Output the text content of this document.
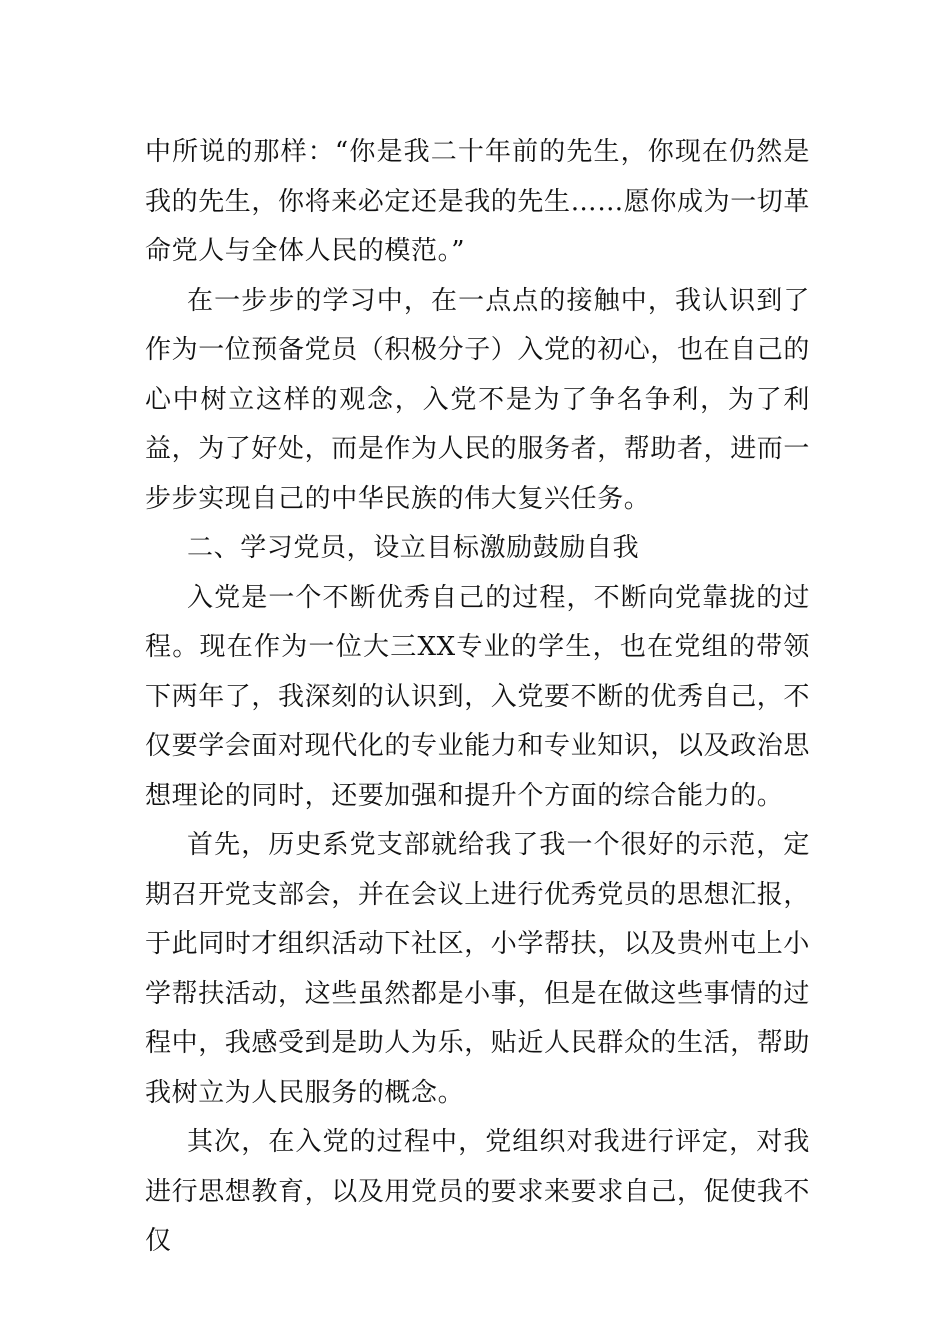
中所说的那样：“你是我二十年前的先生，你现在仍然是我的先生，你将来必定还是我的先生……愿你成为一切革命党人与全体人民的模范。”

在一步步的学习中，在一点点的接触中，我认识到了作为一位预备党员（积极分子）入党的初心，也在自己的心中树立这样的观念，入党不是为了争名争利，为了利益，为了好处，而是作为人民的服务者，帮助者，进而一步步实现自己的中华民族的伟大复兴任务。

二、学习党员，设立目标激励鼓励自我

入党是一个不断优秀自己的过程，不断向党靠拢的过程。现在作为一位大三XX专业的学生，也在党组的带领下两年了，我深刻的认识到，入党要不断的优秀自己，不仅要学会面对现代化的专业能力和专业知识，以及政治思想理论的同时，还要加强和提升个方面的综合能力的。

首先，历史系党支部就给我了我一个很好的示范，定期召开党支部会，并在会议上进行优秀党员的思想汇报，于此同时才组织活动下社区，小学帮扶，以及贵州屯上小学帮扶活动，这些虽然都是小事，但是在做这些事情的过程中，我感受到是助人为乐，贴近人民群众的生活，帮助我树立为人民服务的概念。

其次，在入党的过程中，党组织对我进行评定，对我进行思想教育，以及用党员的要求来要求自己，促使我不仅
